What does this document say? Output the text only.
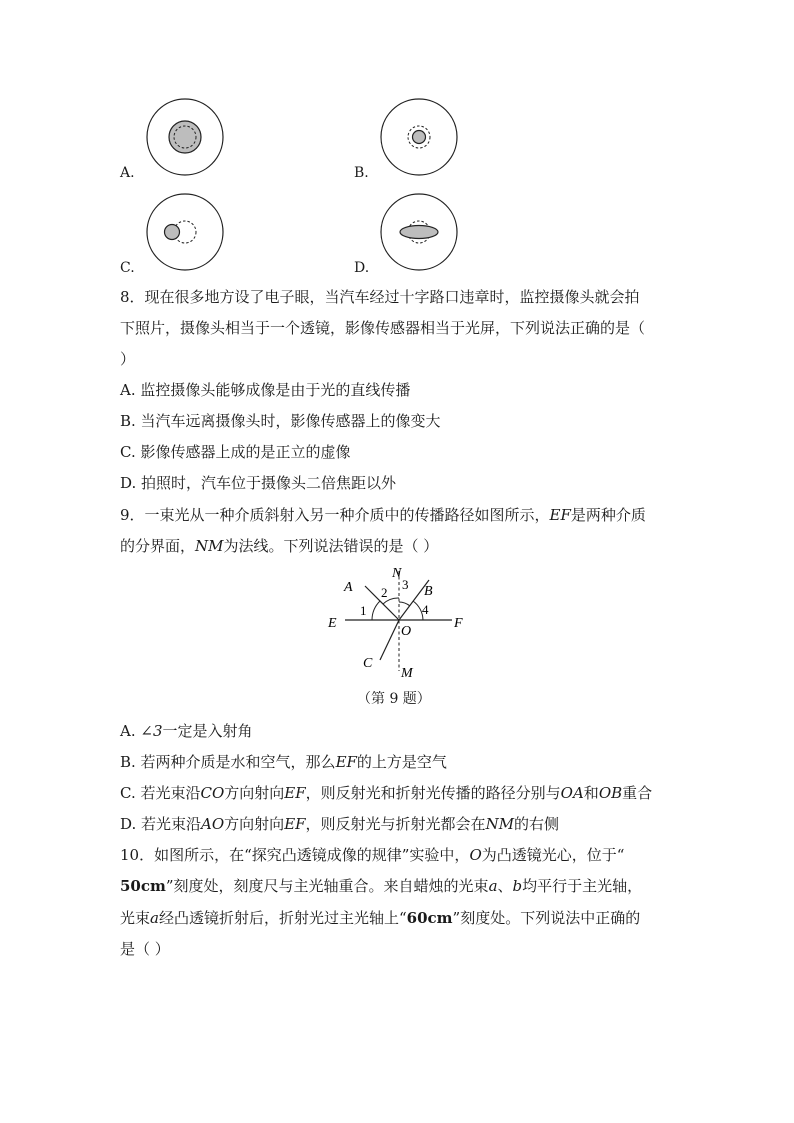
A.	B.
C.	D.
8．现在很多地方设了电子眼，当汽车经过十字路口违章时，监控摄像头就会拍
下照片，摄像头相当于一个透镜，影像传感器相当于光屏，下列说法正确的是（
）
A. 监控摄像头能够成像是由于光的直线传播
B. 当汽车远离摄像头时，影像传感器上的像变大
C. 影像传感器上成的是正立的虚像
D. 拍照时，汽车位于摄像头二倍焦距以外
9．一束光从一种介质斜射入另一种介质中的传播路径如图所示，EF是两种介质
的分界面，NM为法线。下列说法错误的是（ ）
A
N
B
1
2
3
4
E
O
F
C
M
（第 9 题）
A. ∠3一定是入射角
B. 若两种介质是水和空气，那么EF的上方是空气
C. 若光束沿CO方向射向EF，则反射光和折射光传播的路径分别与OA和OB重合
D. 若光束沿AO方向射向EF，则反射光与折射光都会在NM的右侧
10．如图所示，在“探究凸透镜成像的规律”实验中，O为凸透镜光心，位于“
50cm”刻度处，刻度尺与主光轴重合。来自蜡烛的光束a、b均平行于主光轴，
光束a经凸透镜折射后，折射光过主光轴上“60cm”刻度处。下列说法中正确的
是（ ）
